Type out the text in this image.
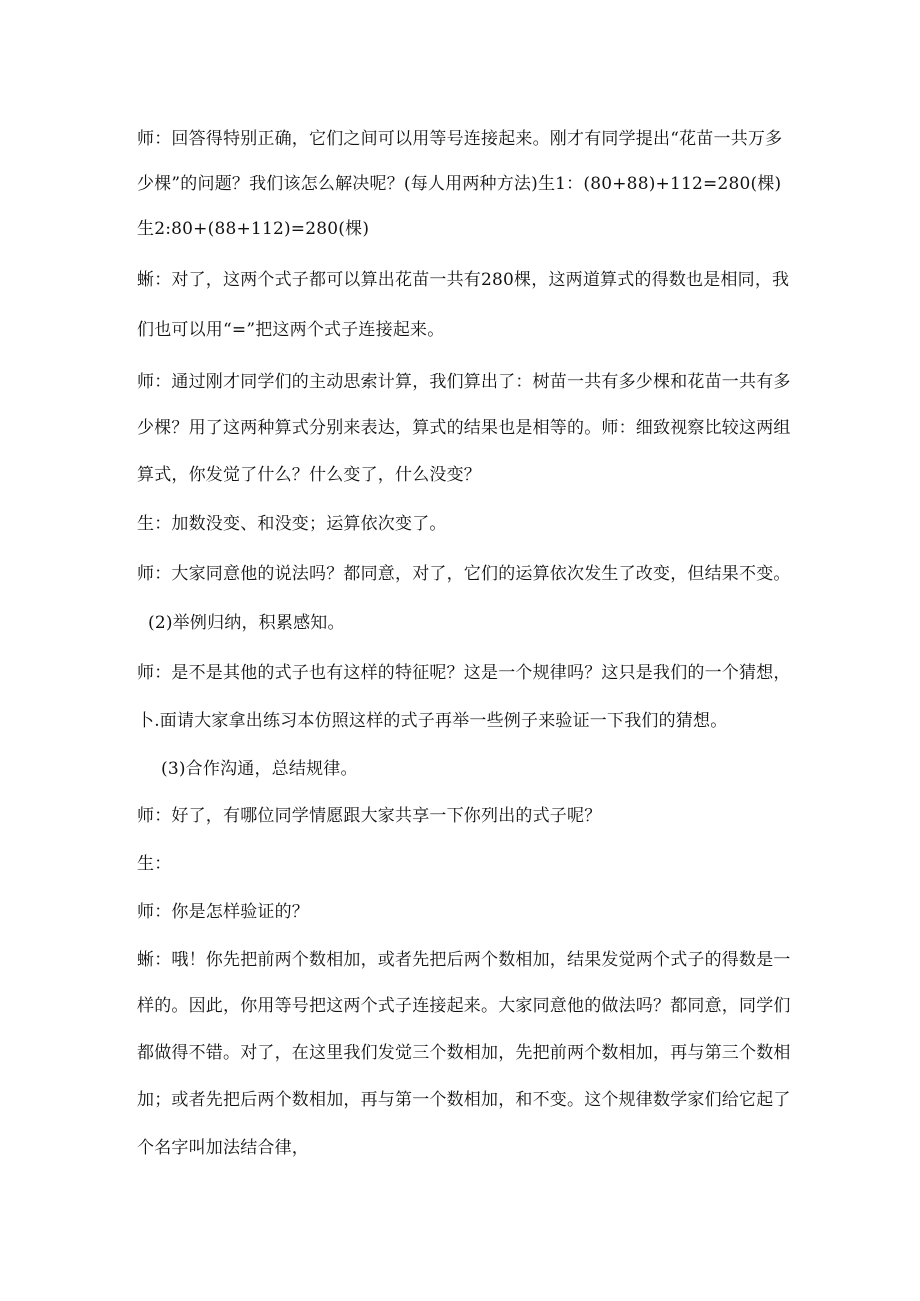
师：回答得特别正确，它们之间可以用等号连接起来。刚才有同学提出“花苗一共万多
少棵”的问题？我们该怎么解决呢？(每人用两种方法)生1：(80+88)+112=280(棵)
生2:80+(88+112)=280(棵)
蜥：对了，这两个式子都可以算出花苗一共有280棵，这两道算式的得数也是相同，我
们也可以用“=”把这两个式子连接起来。
师：通过刚才同学们的主动思索计算，我们算出了：树苗一共有多少棵和花苗一共有多
少棵？用了这两种算式分别来表达，算式的结果也是相等的。师：细致视察比较这两组
算式，你发觉了什么？什么变了，什么没变？
生：加数没变、和没变；运算依次变了。
师：大家同意他的说法吗？都同意，对了，它们的运算依次发生了改变，但结果不变。
(2)举例归纳，积累感知。
师：是不是其他的式子也有这样的特征呢？这是一个规律吗？这只是我们的一个猜想，
卜.面请大家拿出练习本仿照这样的式子再举一些例子来验证一下我们的猜想。
(3)合作沟通，总结规律。
师：好了，有哪位同学情愿跟大家共享一下你列出的式子呢？
生：
师：你是怎样验证的？
蜥：哦！你先把前两个数相加，或者先把后两个数相加，结果发觉两个式子的得数是一
样的。因此，你用等号把这两个式子连接起来。大家同意他的做法吗？都同意，同学们
都做得不错。对了，在这里我们发觉三个数相加，先把前两个数相加，再与第三个数相
加；或者先把后两个数相加，再与第一个数相加，和不变。这个规律数学家们给它起了
个名字叫加法结合律，
